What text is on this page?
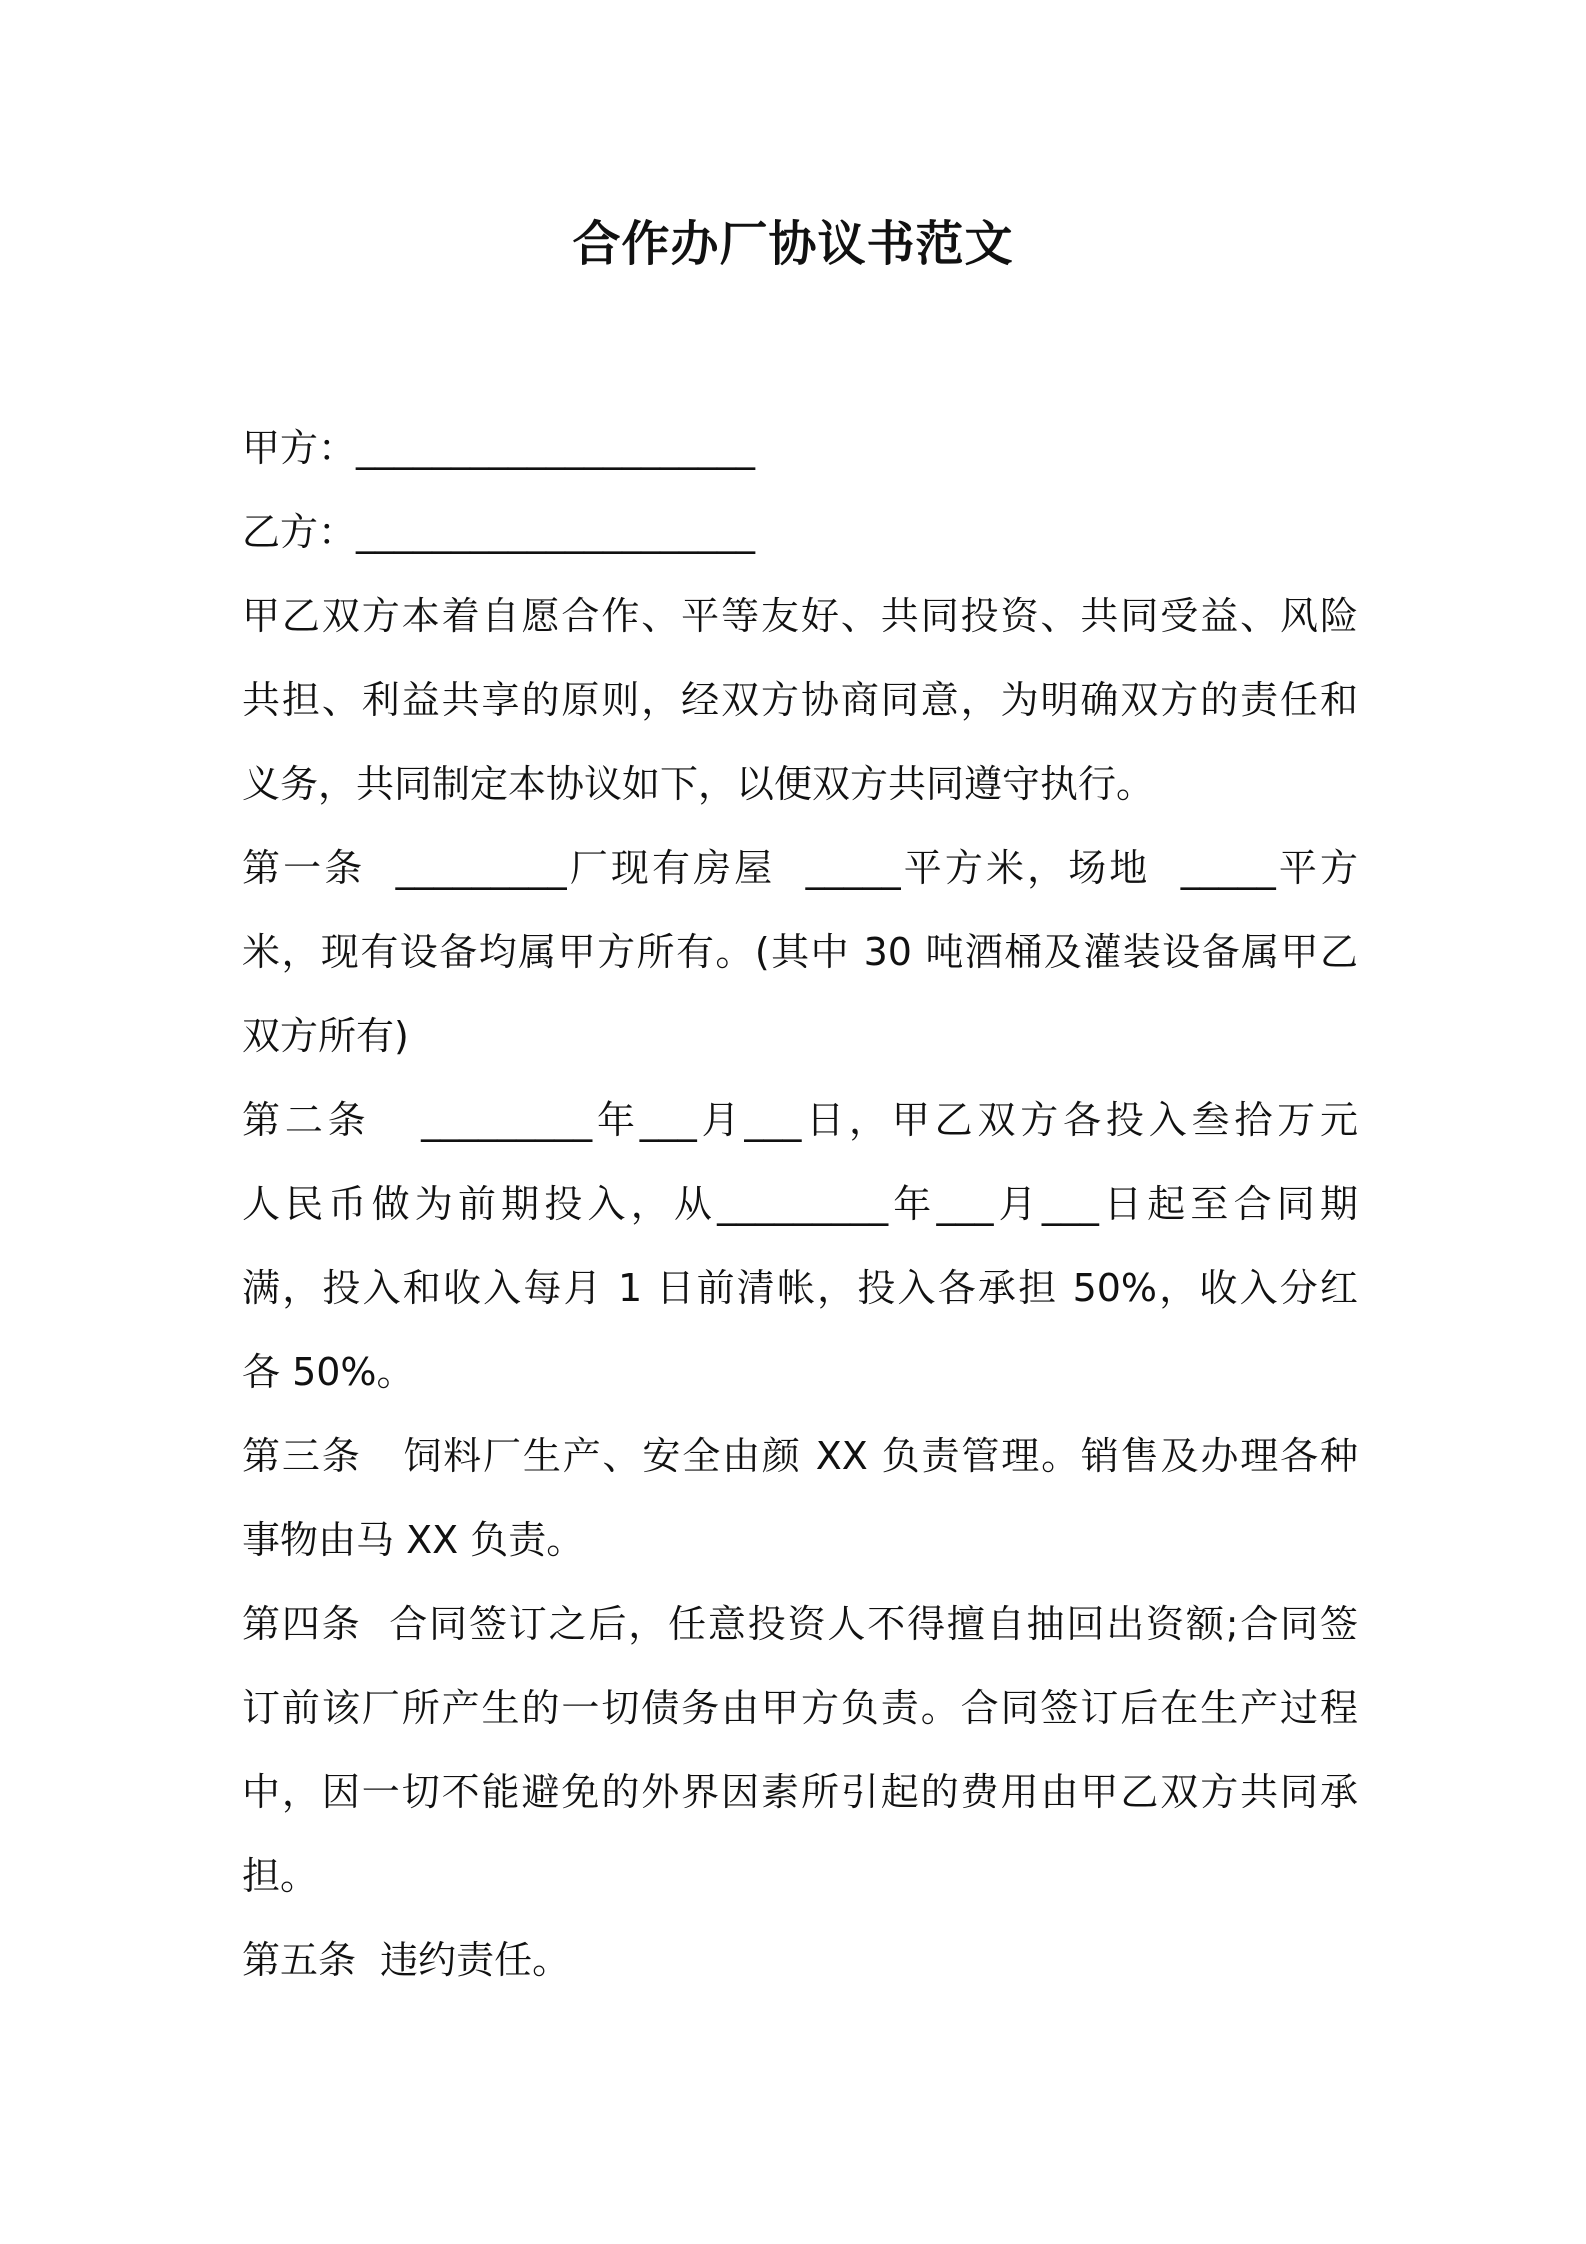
合作办厂协议书范文
甲方：_____________________
乙方：_____________________
甲乙双方本着自愿合作、平等友好、共同投资、共同受益、风险
共担、利益共享的原则，经双方协商同意，为明确双方的责任和
义务，共同制定本协议如下，以便双方共同遵守执行。
第一条  _________厂现有房屋  _____平方米，场地  _____平方
米，现有设备均属甲方所有。(其中 30 吨酒桶及灌装设备属甲乙
双方所有)
第二条   _________年___月___日，甲乙双方各投入叁拾万元
人民币做为前期投入，从_________年___月___日起至合同期
满，投入和收入每月 1 日前清帐，投入各承担 50%，收入分红
各 50%。
第三条   饲料厂生产、安全由颜 XX 负责管理。销售及办理各种
事物由马 XX 负责。
第四条  合同签订之后，任意投资人不得擅自抽回出资额;合同签
订前该厂所产生的一切债务由甲方负责。合同签订后在生产过程
中，因一切不能避免的外界因素所引起的费用由甲乙双方共同承
担。
第五条  违约责任。
